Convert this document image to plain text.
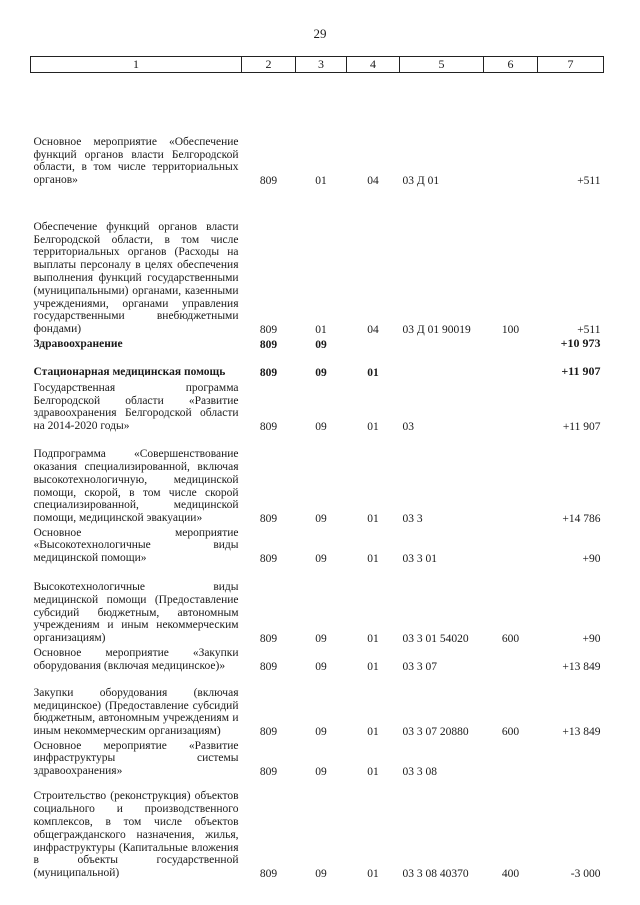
29
1	2	3	4	5	6	7
Основное мероприятие «Обеспечение функций органов власти Белгородской области, в том числе территориальных органов»	809	01	04	03 Д 01		+511
Обеспечение функций органов власти Белгородской области, в том числе территориальных органов (Расходы на выплаты персоналу в целях обеспечения выполнения функций государственными (муниципальными) органами, казенными учреждениями, органами управления государственными внебюджетными фондами)	809	01	04	03 Д 01 90019	100	+511
Здравоохранение	809	09				+10 973
Стационарная медицинская помощь	809	09	01			+11 907
Государственная программа Белгородской области «Развитие здравоохранения Белгородской области на 2014-2020 годы»	809	09	01	03		+11 907
Подпрограмма «Совершенствование оказания специализированной, включая высокотехнологичную, медицинской помощи, скорой, в том числе скорой специализированной, медицинской помощи, медицинской эвакуации»	809	09	01	03 3		+14 786
Основное мероприятие «Высокотехнологичные виды медицинской помощи»	809	09	01	03 3 01		+90
Высокотехнологичные виды медицинской помощи (Предоставление субсидий бюджетным, автономным учреждениям и иным некоммерческим организациям)	809	09	01	03 3 01 54020	600	+90
Основное мероприятие «Закупки оборудования (включая медицинское)»	809	09	01	03 3 07		+13 849
Закупки оборудования (включая медицинское) (Предоставление субсидий бюджетным, автономным учреждениям и иным некоммерческим организациям)	809	09	01	03 3 07 20880	600	+13 849
Основное мероприятие «Развитие инфраструктуры системы здравоохранения»	809	09	01	03 3 08		
Строительство (реконструкция) объектов социального и производственного комплексов, в том числе объектов общегражданского назначения, жилья, инфраструктуры (Капитальные вложения в объекты государственной (муниципальной)	809	09	01	03 3 08 40370	400	-3 000
